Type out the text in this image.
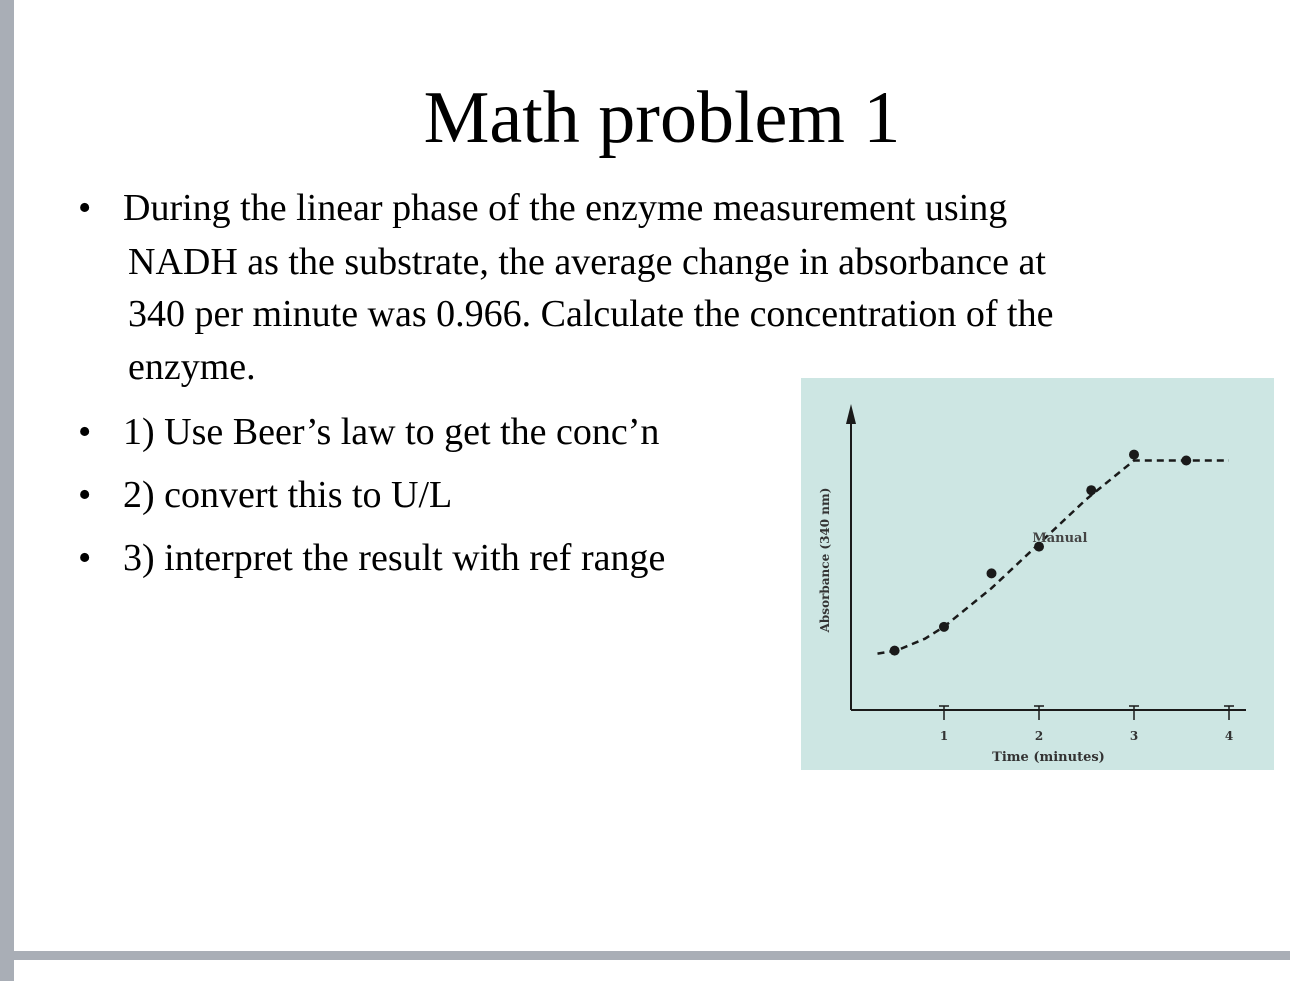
Math problem 1
• During the linear phase of the enzyme measurement using
NADH as the substrate, the average change in absorbance at
340 per minute was 0.966. Calculate the concentration of the
enzyme.
• 1) Use Beer’s law to get the conc’n
• 2) convert this to U/L
• 3) interpret the result with ref range
1	2	3	4
Time (minutes)
Absorbance (340 nm)	Manual
